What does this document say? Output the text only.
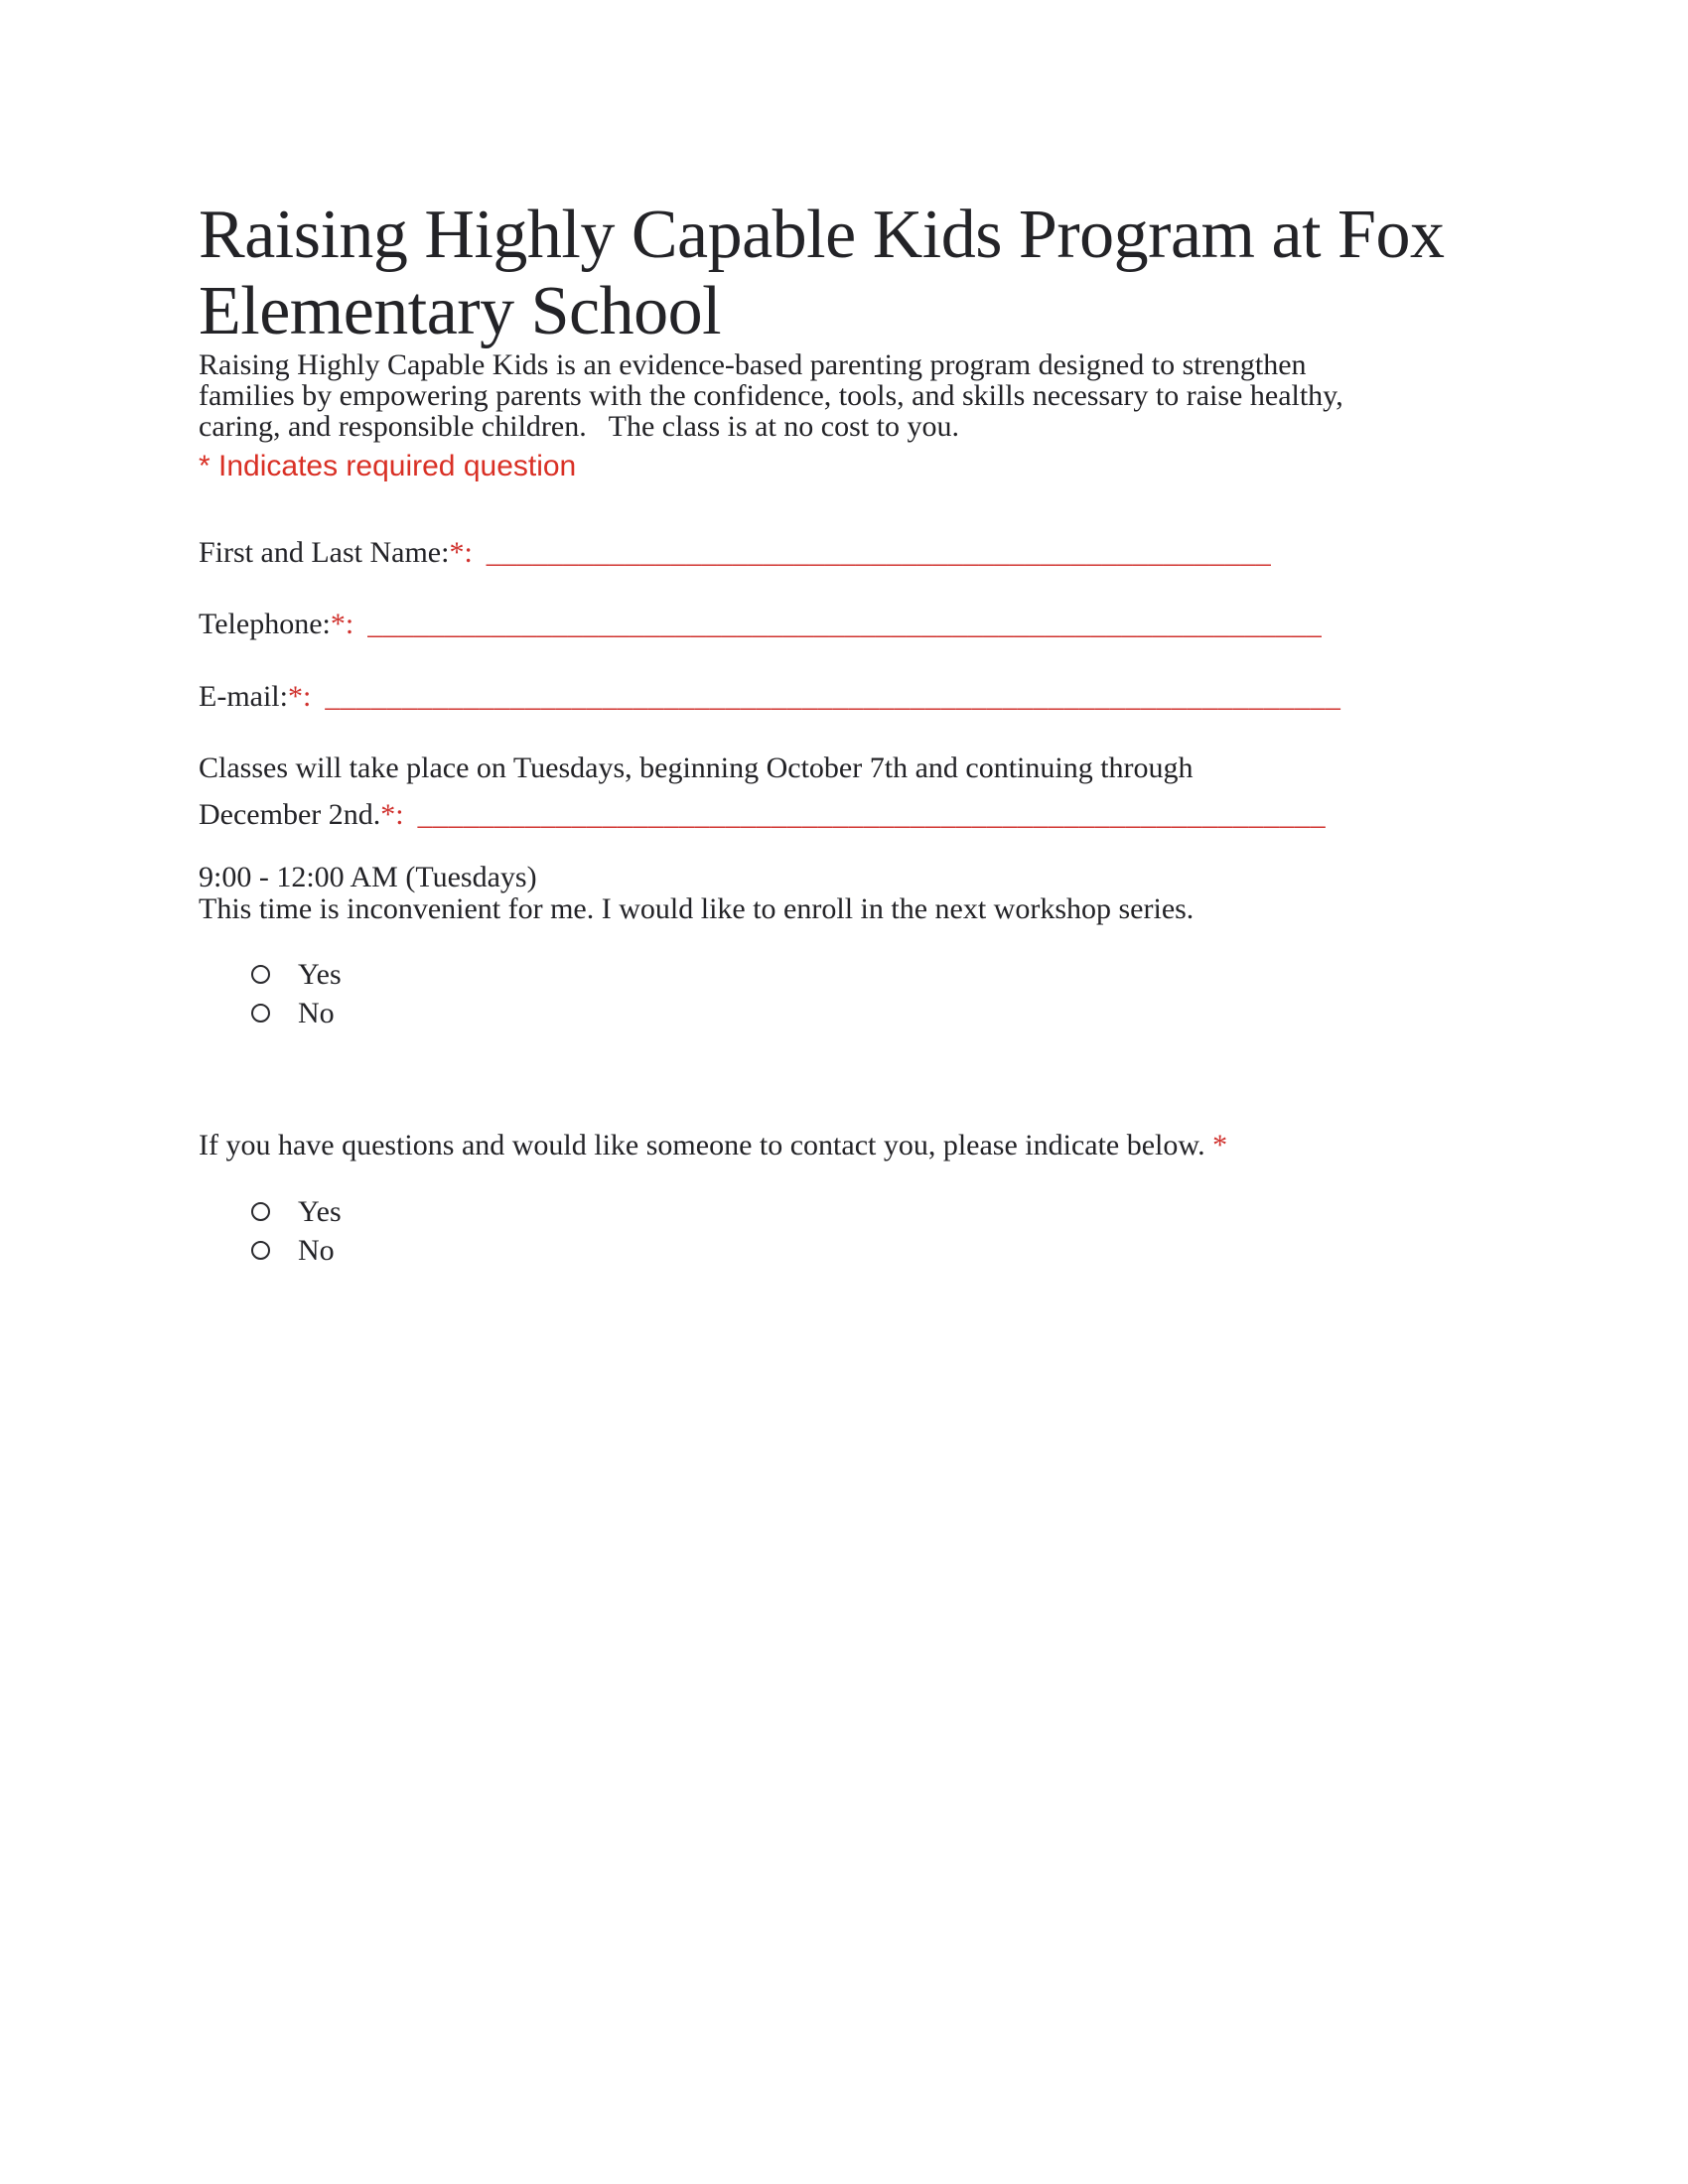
Raising Highly Capable Kids Program at Fox
Elementary School

Raising Highly Capable Kids is an evidence-based parenting program designed to strengthen
families by empowering parents with the confidence, tools, and skills necessary to raise healthy,
caring, and responsible children.   The class is at no cost to you.

* Indicates required question
First and Last Name:*: ___________________________________________________
Telephone:*: ______________________________________________________________
E-mail:*: __________________________________________________________________
Classes will take place on Tuesdays, beginning October 7th and continuing through
December 2nd.*: ___________________________________________________________
9:00 - 12:00 AM (Tuesdays)
This time is inconvenient for me. I would like to enroll in the next workshop series.
Yes
No
If you have questions and would like someone to contact you, please indicate below. *
Yes
No
